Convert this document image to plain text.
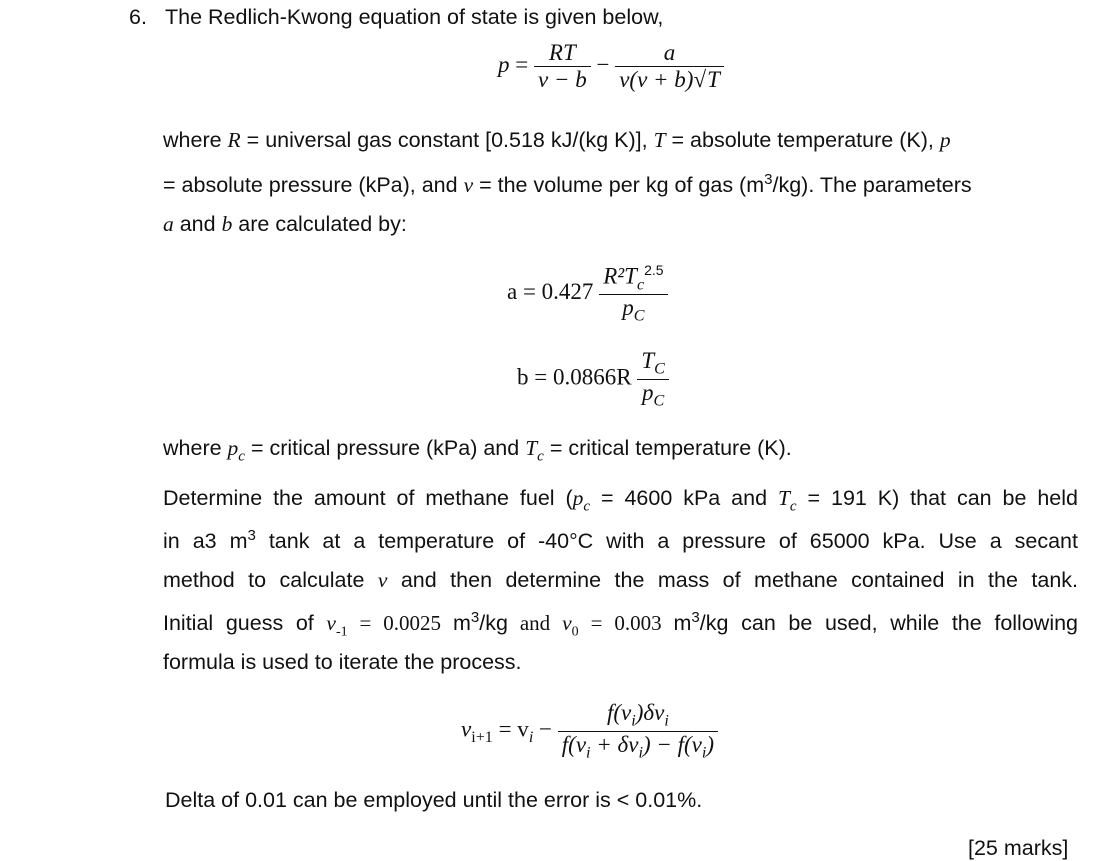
6. The Redlich-Kwong equation of state is given below,
$p = \frac{RT}{v - b} - \frac{a}{v(v + b)√T}$
where R = universal gas constant [0.518 kJ/(kg K)], T = absolute temperature (K), p
= absolute pressure (kPa), and v = the volume per kg of gas $(m^3/kg)$. The parameters
a and b are calculated by:
$a = 0.427 \frac{R^2T_c^{2.5}}{p_C}$
$b = 0.0866R \frac{T_C}{p_C}$
where $p_c$ = critical pressure (kPa) and $T_c$ = critical temperature (K).
Determine the amount of methane fuel ($p_c = 4600$ kPa and $T_c = 191$ K) that can be held
in a3 $m^3$ tank at a temperature of -40°C with a pressure of 65000 kPa. Use a secant
method to calculate v and then determine the mass of methane contained in the tank.
Initial guess of $v_{-1} = 0.0025$ $m^3/kg$ and $v_0 = 0.003$ $m^3/kg$ can be used, while the following
formula is used to iterate the process.
$v_{i+1} = v_i - \frac{f(v_i)\delta v_i}{f(v_i + \delta v_i) - f(v_i)}$
Delta of 0.01 can be employed until the error is < 0.01%.
[25 marks]
